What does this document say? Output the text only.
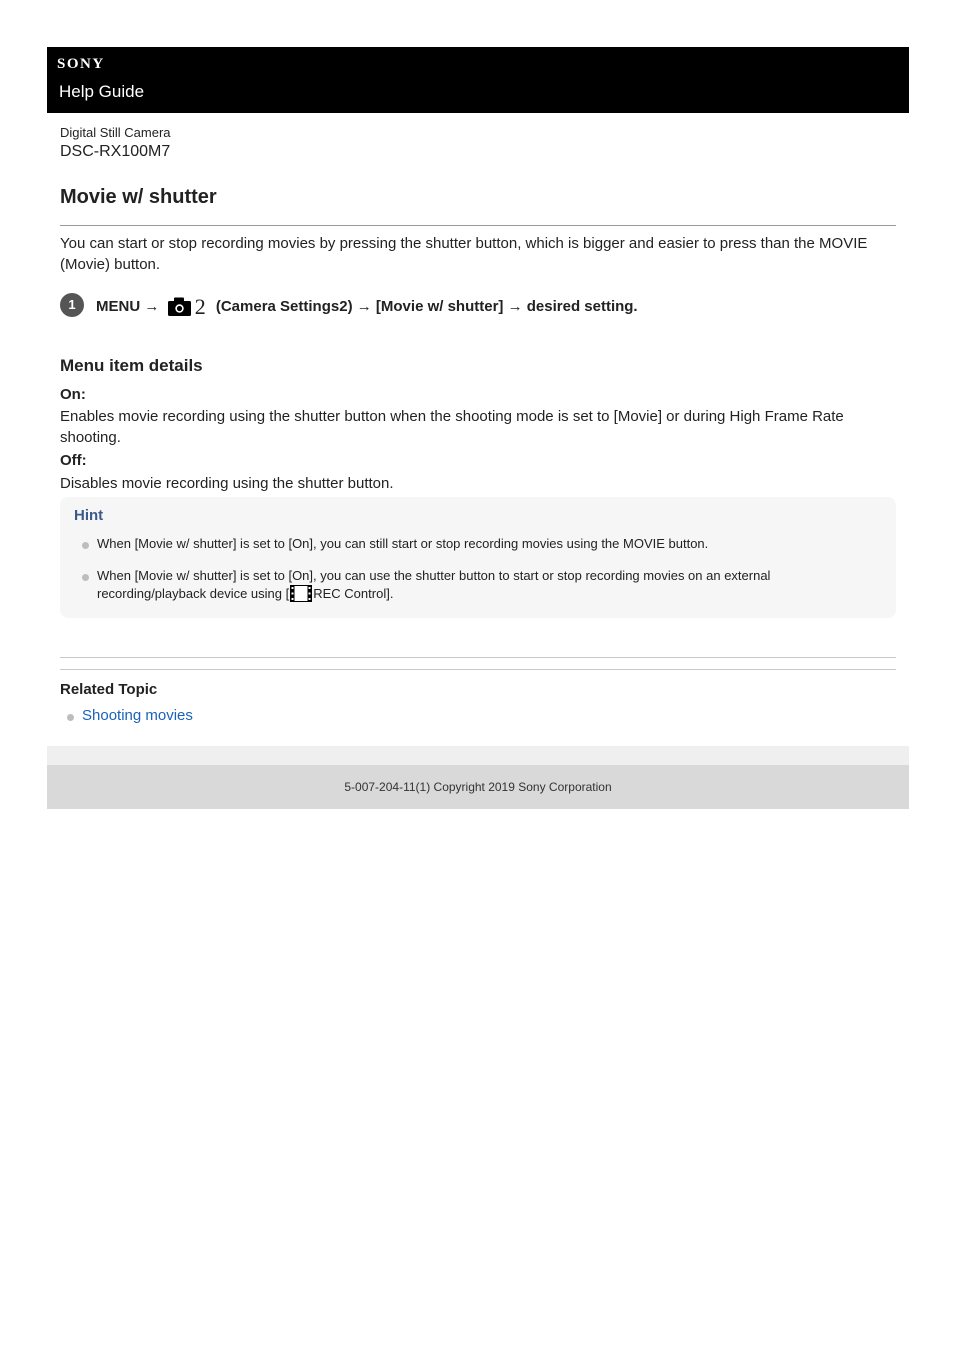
SONY
Help Guide
Digital Still Camera
DSC-RX100M7
Movie w/ shutter
You can start or stop recording movies by pressing the shutter button, which is bigger and easier to press than the MOVIE (Movie) button.
1	MENU → 2 (Camera Settings2) → [Movie w/ shutter] → desired setting.
Menu item details
On:
Enables movie recording using the shutter button when the shooting mode is set to [Movie] or during High Frame Rate shooting.
Off:
Disables movie recording using the shutter button.
Hint
When [Movie w/ shutter] is set to [On], you can still start or stop recording movies using the MOVIE button.
When [Movie w/ shutter] is set to [On], you can use the shutter button to start or stop recording movies on an external recording/playback device using [ REC Control].
Related Topic
Shooting movies
5-007-204-11(1) Copyright 2019 Sony Corporation
